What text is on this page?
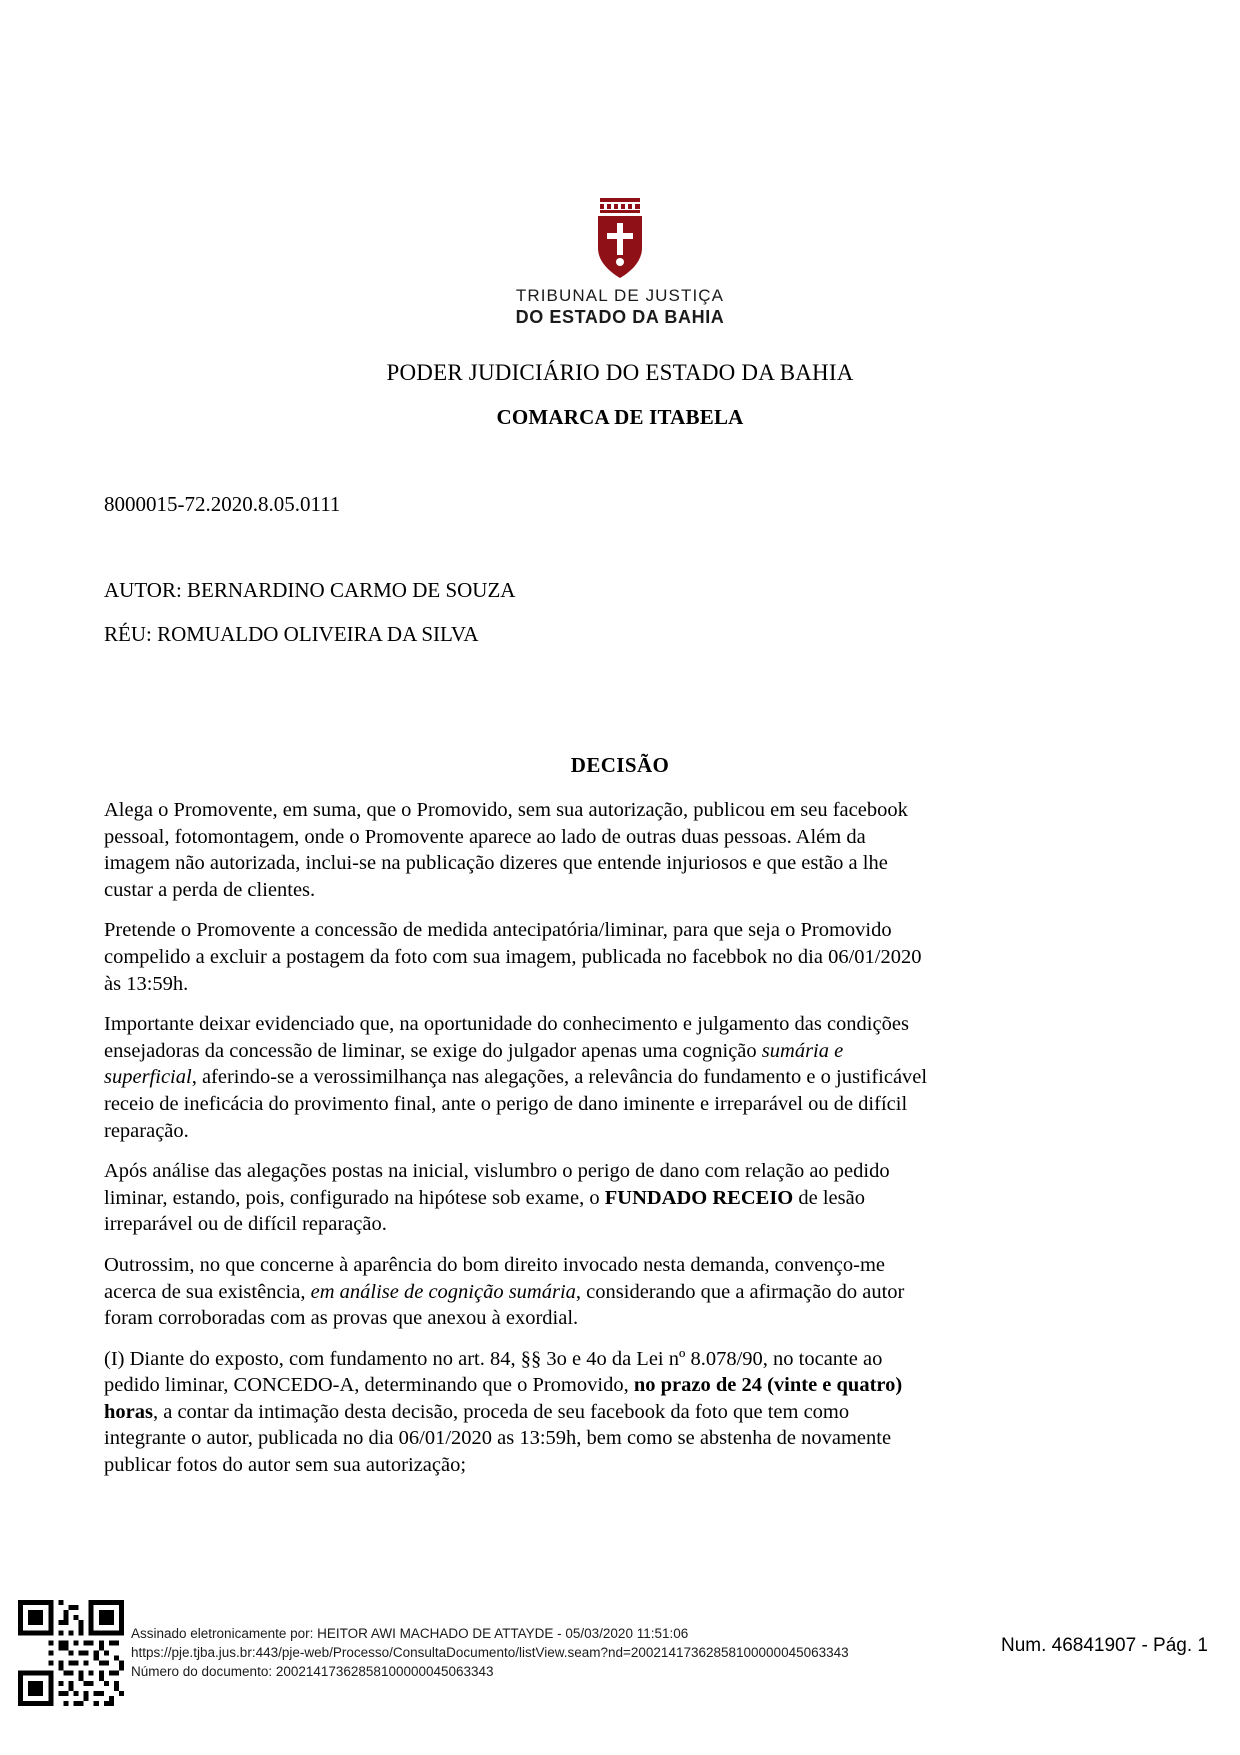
TRIBUNAL DE JUSTIÇA
DO ESTADO DA BAHIA
PODER JUDICIÁRIO DO ESTADO DA BAHIA
COMARCA DE ITABELA
8000015-72.2020.8.05.0111
AUTOR: BERNARDINO CARMO DE SOUZA
RÉU: ROMUALDO OLIVEIRA DA SILVA
DECISÃO

Alega o Promovente, em suma, que o Promovido, sem sua autorização, publicou em seu facebook pessoal, fotomontagem, onde o Promovente aparece ao lado de outras duas pessoas. Além da imagem não autorizada, inclui-se na publicação dizeres que entende injuriosos e que estão a lhe custar a perda de clientes.

Pretende o Promovente a concessão de medida antecipatória/liminar, para que seja o Promovido compelido a excluir a postagem da foto com sua imagem, publicada no facebbok no dia 06/01/2020 às 13:59h.

Importante deixar evidenciado que, na oportunidade do conhecimento e julgamento das condições ensejadoras da concessão de liminar, se exige do julgador apenas uma cognição sumária e superficial, aferindo-se a verossimilhança nas alegações, a relevância do fundamento e o justificável receio de ineficácia do provimento final, ante o perigo de dano iminente e irreparável ou de difícil reparação.

Após análise das alegações postas na inicial, vislumbro o perigo de dano com relação ao pedido liminar, estando, pois, configurado na hipótese sob exame, o FUNDADO RECEIO de lesão irreparável ou de difícil reparação.

Outrossim, no que concerne à aparência do bom direito invocado nesta demanda, convenço-me acerca de sua existência, em análise de cognição sumária, considerando que a afirmação do autor foram corroboradas com as provas que anexou à exordial.

(I) Diante do exposto, com fundamento no art. 84, §§ 3o e 4o da Lei nº 8.078/90, no tocante ao pedido liminar, CONCEDO-A, determinando que o Promovido, no prazo de 24 (vinte e quatro) horas, a contar da intimação desta decisão, proceda de seu facebook da foto que tem como integrante o autor, publicada no dia 06/01/2020 as 13:59h, bem como se abstenha de novamente publicar fotos do autor sem sua autorização;

Assinado eletronicamente por: HEITOR AWI MACHADO DE ATTAYDE - 05/03/2020 11:51:06
https://pje.tjba.jus.br:443/pje-web/Processo/ConsultaDocumento/listView.seam?nd=20021417362858100000045063343
Número do documento: 20021417362858100000045063343
Num. 46841907 - Pág. 1
